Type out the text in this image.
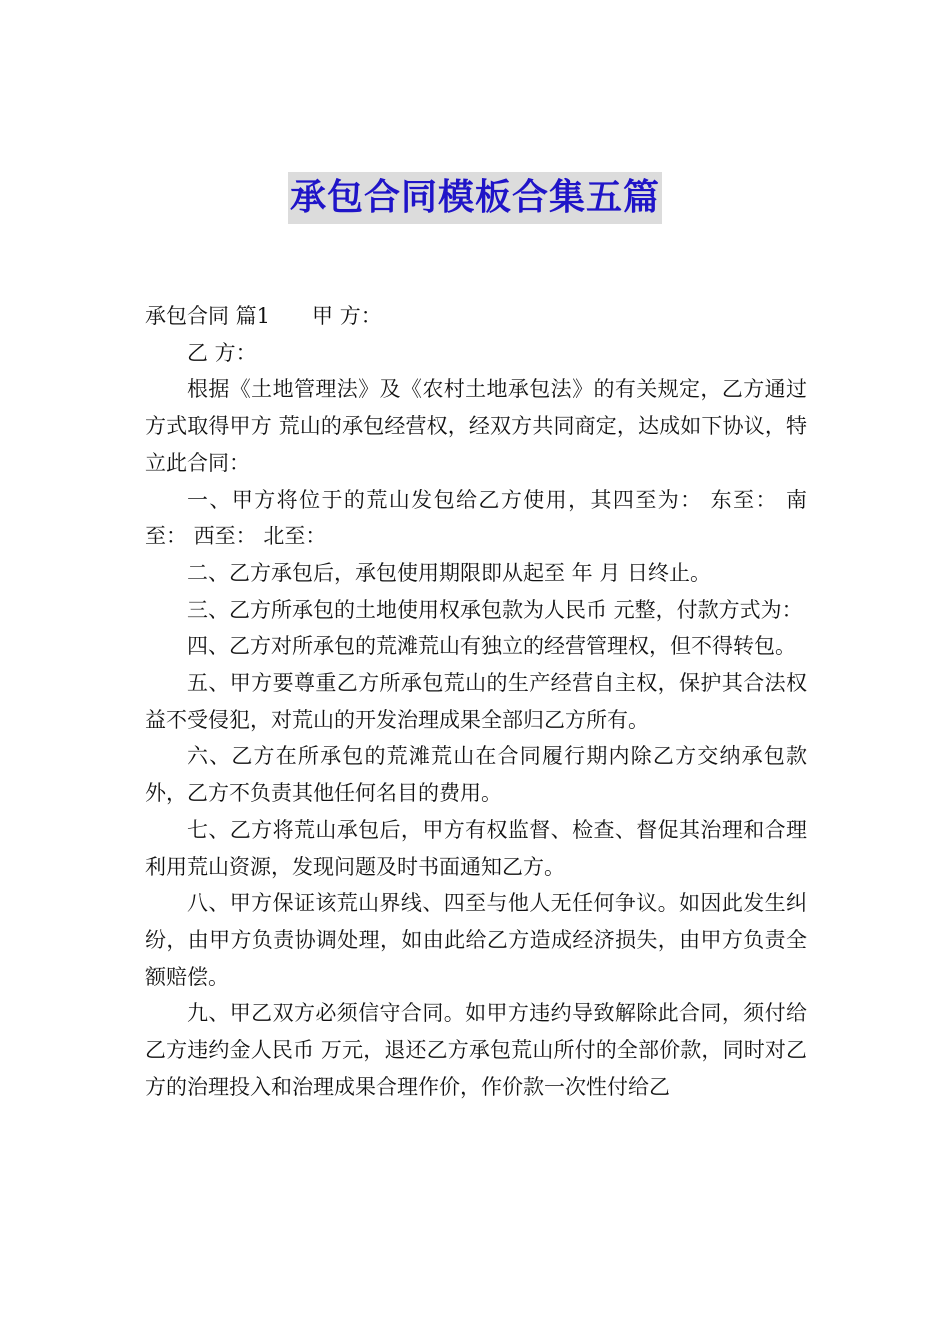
承包合同模板合集五篇

承包合同 篇1 甲 方：

乙 方：

根据《土地管理法》及《农村土地承包法》的有关规定，乙方通过 方式取得甲方 荒山的承包经营权，经双方共同商定，达成如下协议，特立此合同：

一、甲方将位于的荒山发包给乙方使用，其四至为： 东至： 南至： 西至： 北至：

二、乙方承包后，承包使用期限即从起至 年 月 日终止。

三、乙方所承包的土地使用权承包款为人民币 元整，付款方式为：

四、乙方对所承包的荒滩荒山有独立的经营管理权，但不得转包。

五、甲方要尊重乙方所承包荒山的生产经营自主权，保护其合法权益不受侵犯，对荒山的开发治理成果全部归乙方所有。

六、乙方在所承包的荒滩荒山在合同履行期内除乙方交纳承包款外，乙方不负责其他任何名目的费用。

七、乙方将荒山承包后，甲方有权监督、检查、督促其治理和合理利用荒山资源，发现问题及时书面通知乙方。

八、甲方保证该荒山界线、四至与他人无任何争议。如因此发生纠纷，由甲方负责协调处理，如由此给乙方造成经济损失，由甲方负责全额赔偿。

九、甲乙双方必须信守合同。如甲方违约导致解除此合同，须付给乙方违约金人民币 万元，退还乙方承包荒山所付的全部价款，同时对乙方的治理投入和治理成果合理作价，作价款一次性付给乙
